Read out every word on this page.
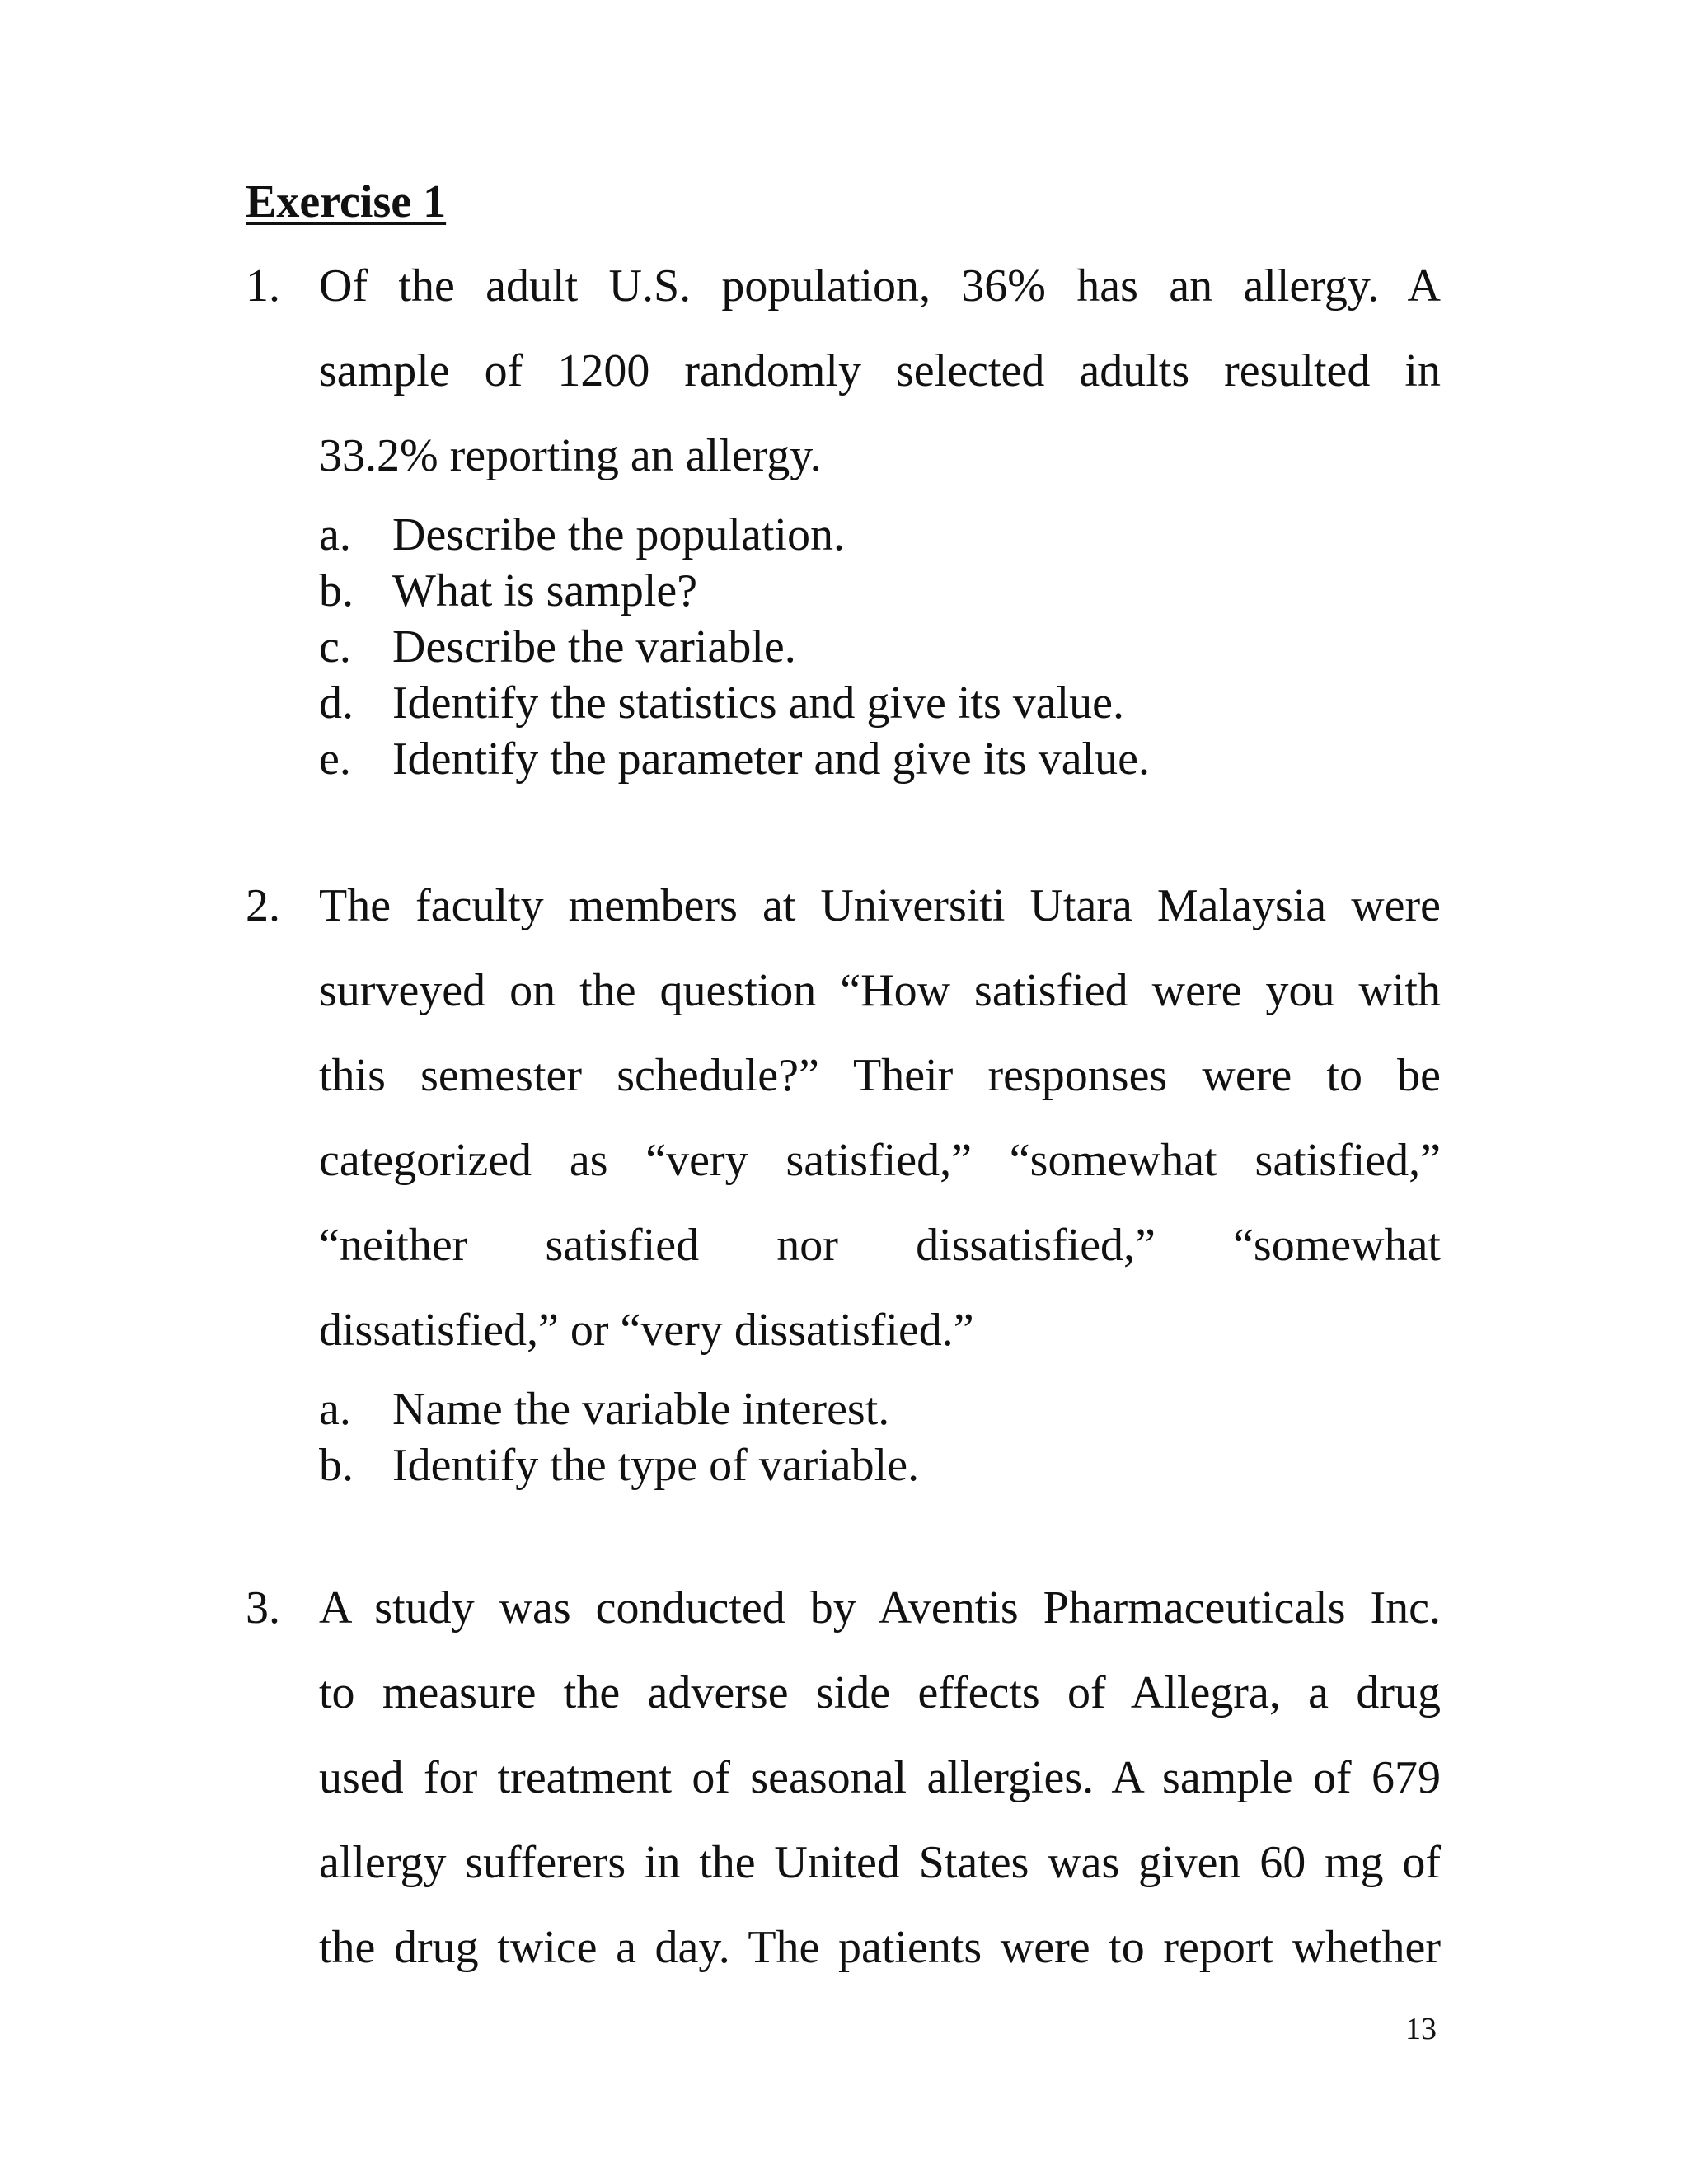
Exercise 1
1. Of the adult U.S. population, 36% has an allergy. A
sample of 1200 randomly selected adults resulted in
33.2% reporting an allergy.
a. Describe the population.
b. What is sample?
c. Describe the variable.
d. Identify the statistics and give its value.
e. Identify the parameter and give its value.
2. The faculty members at Universiti Utara Malaysia were
surveyed on the question “How satisfied were you with
this semester schedule?” Their responses were to be
categorized as “very satisfied,” “somewhat satisfied,”
“neither satisfied nor dissatisfied,” “somewhat
dissatisfied,” or “very dissatisfied.”
a. Name the variable interest.
b. Identify the type of variable.
3. A study was conducted by Aventis Pharmaceuticals Inc.
to measure the adverse side effects of Allegra, a drug
used for treatment of seasonal allergies. A sample of 679
allergy sufferers in the United States was given 60 mg of
the drug twice a day. The patients were to report whether
13
